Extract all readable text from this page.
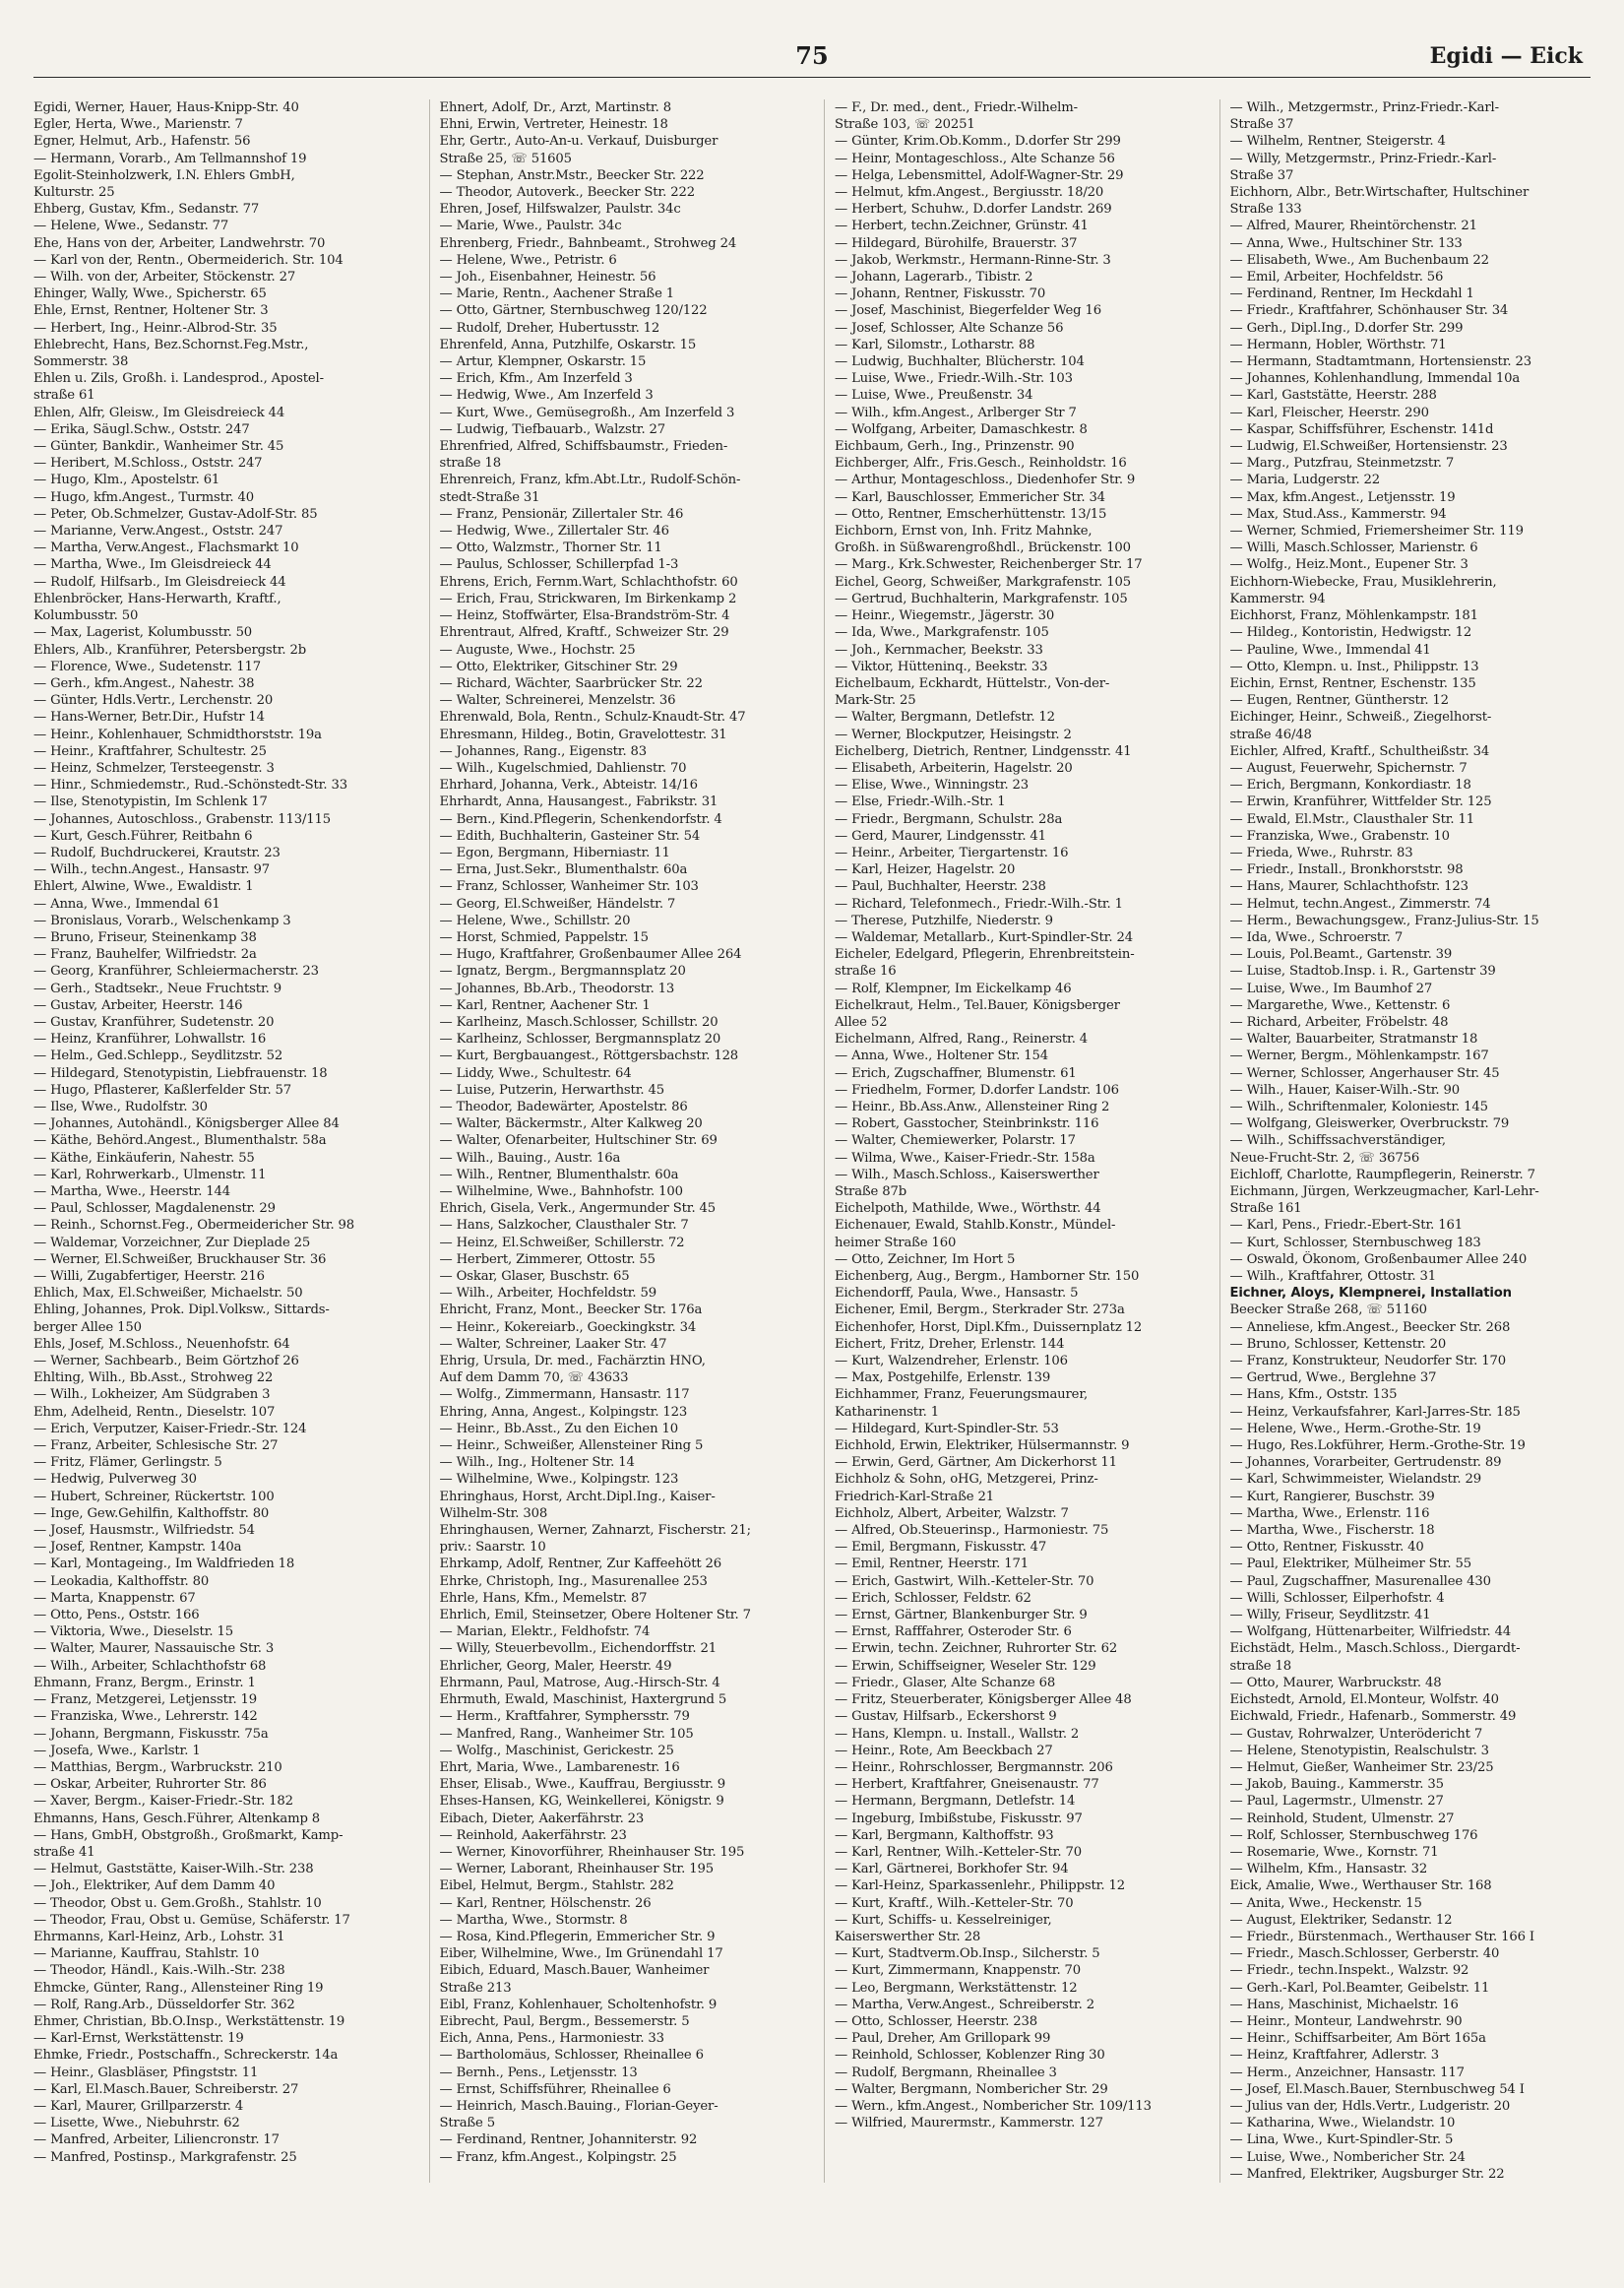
75	Egidi — Eick
Egidi, Werner, Hauer, Haus-Knipp-Str. 40
Egler, Herta, Wwe., Marienstr. 7
Egner, Helmut, Arb., Hafenstr. 56
— Hermann, Vorarb., Am Tellmannshof 19
Egolit-Steinholzwerk, I.N. Ehlers GmbH,
Kulturstr. 25
Ehberg, Gustav, Kfm., Sedanstr. 77
— Helene, Wwe., Sedanstr. 77
Ehe, Hans von der, Arbeiter, Landwehrstr. 70
— Karl von der, Rentn., Obermeiderich. Str. 104
— Wilh. von der, Arbeiter, Stöckenstr. 27
Ehinger, Wally, Wwe., Spicherstr. 65
Ehle, Ernst, Rentner, Holtener Str. 3
— Herbert, Ing., Heinr.-Albrod-Str. 35
Ehlebrecht, Hans, Bez.Schornst.Feg.Mstr.,
Sommerstr. 38
Ehlen u. Zils, Großh. i. Landesprod., Apostel-
straße 61
Ehlen, Alfr, Gleisw., Im Gleisdreieck 44
— Erika, Säugl.Schw., Oststr. 247
— Günter, Bankdir., Wanheimer Str. 45
— Heribert, M.Schloss., Oststr. 247
— Hugo, Klm., Apostelstr. 61
— Hugo, kfm.Angest., Turmstr. 40
— Peter, Ob.Schmelzer, Gustav-Adolf-Str. 85
— Marianne, Verw.Angest., Oststr. 247
— Martha, Verw.Angest., Flachsmarkt 10
— Martha, Wwe., Im Gleisdreieck 44
— Rudolf, Hilfsarb., Im Gleisdreieck 44
Ehlenbröcker, Hans-Herwarth, Kraftf.,
Kolumbusstr. 50
— Max, Lagerist, Kolumbusstr. 50
Ehlers, Alb., Kranführer, Petersbergstr. 2b
— Florence, Wwe., Sudetenstr. 117
— Gerh., kfm.Angest., Nahestr. 38
— Günter, Hdls.Vertr., Lerchenstr. 20
— Hans-Werner, Betr.Dir., Hufstr 14
— Heinr., Kohlenhauer, Schmidthorststr. 19a
— Heinr., Kraftfahrer, Schultestr. 25
— Heinz, Schmelzer, Tersteegenstr. 3
— Hinr., Schmiedemstr., Rud.-Schönstedt-Str. 33
— Ilse, Stenotypistin, Im Schlenk 17
— Johannes, Autoschloss., Grabenstr. 113/115
— Kurt, Gesch.Führer, Reitbahn 6
— Rudolf, Buchdruckerei, Krautstr. 23
— Wilh., techn.Angest., Hansastr. 97
Ehlert, Alwine, Wwe., Ewaldistr. 1
— Anna, Wwe., Immendal 61
— Bronislaus, Vorarb., Welschenkamp 3
— Bruno, Friseur, Steinenkamp 38
— Franz, Bauhelfer, Wilfriedstr. 2a
— Georg, Kranführer, Schleiermacherstr. 23
— Gerh., Stadtsekr., Neue Fruchtstr. 9
— Gustav, Arbeiter, Heerstr. 146
— Gustav, Kranführer, Sudetenstr. 20
— Heinz, Kranführer, Lohwallstr. 16
— Helm., Ged.Schlepp., Seydlitzstr. 52
— Hildegard, Stenotypistin, Liebfrauenstr. 18
— Hugo, Pflasterer, Kaßlerfelder Str. 57
— Ilse, Wwe., Rudolfstr. 30
— Johannes, Autohändl., Königsberger Allee 84
— Käthe, Behörd.Angest., Blumenthalstr. 58a
— Käthe, Einkäuferin, Nahestr. 55
— Karl, Rohrwerkarb., Ulmenstr. 11
— Martha, Wwe., Heerstr. 144
— Paul, Schlosser, Magdalenenstr. 29
— Reinh., Schornst.Feg., Obermeidericher Str. 98
— Waldemar, Vorzeichner, Zur Dieplade 25
— Werner, El.Schweißer, Bruckhauser Str. 36
— Willi, Zugabfertiger, Heerstr. 216
Ehlich, Max, El.Schweißer, Michaelstr. 50
Ehling, Johannes, Prok. Dipl.Volksw., Sittards-
berger Allee 150
Ehls, Josef, M.Schloss., Neuenhofstr. 64
— Werner, Sachbearb., Beim Görtzhof 26
Ehlting, Wilh., Bb.Asst., Strohweg 22
— Wilh., Lokheizer, Am Südgraben 3
Ehm, Adelheid, Rentn., Dieselstr. 107
— Erich, Verputzer, Kaiser-Friedr.-Str. 124
— Franz, Arbeiter, Schlesische Str. 27
— Fritz, Flämer, Gerlingstr. 5
— Hedwig, Pulverweg 30
— Hubert, Schreiner, Rückertstr. 100
— Inge, Gew.Gehilfin, Kalthoffstr. 80
— Josef, Hausmstr., Wilfriedstr. 54
— Josef, Rentner, Kampstr. 140a
— Karl, Montageing., Im Waldfrieden 18
— Leokadia, Kalthoffstr. 80
— Marta, Knappenstr. 67
— Otto, Pens., Oststr. 166
— Viktoria, Wwe., Dieselstr. 15
— Walter, Maurer, Nassauische Str. 3
— Wilh., Arbeiter, Schlachthofstr 68
Ehmann, Franz, Bergm., Erinstr. 1
— Franz, Metzgerei, Letjensstr. 19
— Franziska, Wwe., Lehrerstr. 142
— Johann, Bergmann, Fiskusstr. 75a
— Josefa, Wwe., Karlstr. 1
— Matthias, Bergm., Warbruckstr. 210
— Oskar, Arbeiter, Ruhrorter Str. 86
— Xaver, Bergm., Kaiser-Friedr.-Str. 182
Ehmanns, Hans, Gesch.Führer, Altenkamp 8
— Hans, GmbH, Obstgroßh., Großmarkt, Kamp-
straße 41
— Helmut, Gaststätte, Kaiser-Wilh.-Str. 238
— Joh., Elektriker, Auf dem Damm 40
— Theodor, Obst u. Gem.Großh., Stahlstr. 10
— Theodor, Frau, Obst u. Gemüse, Schäferstr. 17
Ehrmanns, Karl-Heinz, Arb., Lohstr. 31
— Marianne, Kauffrau, Stahlstr. 10
— Theodor, Händl., Kais.-Wilh.-Str. 238
Ehmcke, Günter, Rang., Allensteiner Ring 19
— Rolf, Rang.Arb., Düsseldorfer Str. 362
Ehmer, Christian, Bb.O.Insp., Werkstättenstr. 19
— Karl-Ernst, Werkstättenstr. 19
Ehmke, Friedr., Postschaffn., Schreckerstr. 14a
— Heinr., Glasbläser, Pfingststr. 11
— Karl, El.Masch.Bauer, Schreiberstr. 27
— Karl, Maurer, Grillparzerstr. 4
— Lisette, Wwe., Niebuhrstr. 62
— Manfred, Arbeiter, Liliencronstr. 17
— Manfred, Postinsp., Markgrafenstr. 25
Ehnert, Adolf, Dr., Arzt, Martinstr. 8
Ehni, Erwin, Vertreter, Heinestr. 18
Ehr, Gertr., Auto-An-u. Verkauf, Duisburger
Straße 25, ☏ 51605
— Stephan, Anstr.Mstr., Beecker Str. 222
— Theodor, Autoverk., Beecker Str. 222
Ehren, Josef, Hilfswalzer, Paulstr. 34c
— Marie, Wwe., Paulstr. 34c
Ehrenberg, Friedr., Bahnbeamt., Strohweg 24
— Helene, Wwe., Petristr. 6
— Joh., Eisenbahner, Heinestr. 56
— Marie, Rentn., Aachener Straße 1
— Otto, Gärtner, Sternbuschweg 120/122
— Rudolf, Dreher, Hubertusstr. 12
Ehrenfeld, Anna, Putzhilfe, Oskarstr. 15
— Artur, Klempner, Oskarstr. 15
— Erich, Kfm., Am Inzerfeld 3
— Hedwig, Wwe., Am Inzerfeld 3
— Kurt, Wwe., Gemüsegroßh., Am Inzerfeld 3
— Ludwig, Tiefbauarb., Walzstr. 27
Ehrenfried, Alfred, Schiffsbaumstr., Frieden-
straße 18
Ehrenreich, Franz, kfm.Abt.Ltr., Rudolf-Schön-
stedt-Straße 31
— Franz, Pensionär, Zillertaler Str. 46
— Hedwig, Wwe., Zillertaler Str. 46
— Otto, Walzmstr., Thorner Str. 11
— Paulus, Schlosser, Schillerpfad 1-3
Ehrens, Erich, Fernm.Wart, Schlachthofstr. 60
— Erich, Frau, Strickwaren, Im Birkenkamp 2
— Heinz, Stoffwärter, Elsa-Brandström-Str. 4
Ehrentraut, Alfred, Kraftf., Schweizer Str. 29
— Auguste, Wwe., Hochstr. 25
— Otto, Elektriker, Gitschiner Str. 29
— Richard, Wächter, Saarbrücker Str. 22
— Walter, Schreinerei, Menzelstr. 36
Ehrenwald, Bola, Rentn., Schulz-Knaudt-Str. 47
Ehresmann, Hildeg., Botin, Gravelottestr. 31
— Johannes, Rang., Eigenstr. 83
— Wilh., Kugelschmied, Dahlienstr. 70
Ehrhard, Johanna, Verk., Abteistr. 14/16
Ehrhardt, Anna, Hausangest., Fabrikstr. 31
— Bern., Kind.Pflegerin, Schenkendorfstr. 4
— Edith, Buchhalterin, Gasteiner Str. 54
— Egon, Bergmann, Hiberniastr. 11
— Erna, Just.Sekr., Blumenthalstr. 60a
— Franz, Schlosser, Wanheimer Str. 103
— Georg, El.Schweißer, Händelstr. 7
— Helene, Wwe., Schillstr. 20
— Horst, Schmied, Pappelstr. 15
— Hugo, Kraftfahrer, Großenbaumer Allee 264
— Ignatz, Bergm., Bergmannsplatz 20
— Johannes, Bb.Arb., Theodorstr. 13
— Karl, Rentner, Aachener Str. 1
— Karlheinz, Masch.Schlosser, Schillstr. 20
— Karlheinz, Schlosser, Bergmannsplatz 20
— Kurt, Bergbauangest., Röttgersbachstr. 128
— Liddy, Wwe., Schultestr. 64
— Luise, Putzerin, Herwarthstr. 45
— Theodor, Badewärter, Apostelstr. 86
— Walter, Bäckermstr., Alter Kalkweg 20
— Walter, Ofenarbeiter, Hultschiner Str. 69
— Wilh., Bauing., Austr. 16a
— Wilh., Rentner, Blumenthalstr. 60a
— Wilhelmine, Wwe., Bahnhofstr. 100
Ehrich, Gisela, Verk., Angermunder Str. 45
— Hans, Salzkocher, Clausthaler Str. 7
— Heinz, El.Schweißer, Schillerstr. 72
— Herbert, Zimmerer, Ottostr. 55
— Oskar, Glaser, Buschstr. 65
— Wilh., Arbeiter, Hochfeldstr. 59
Ehricht, Franz, Mont., Beecker Str. 176a
— Heinr., Kokereiarb., Goeckingkstr. 34
— Walter, Schreiner, Laaker Str. 47
Ehrig, Ursula, Dr. med., Fachärztin HNO,
Auf dem Damm 70, ☏ 43633
— Wolfg., Zimmermann, Hansastr. 117
Ehring, Anna, Angest., Kolpingstr. 123
— Heinr., Bb.Asst., Zu den Eichen 10
— Heinr., Schweißer, Allensteiner Ring 5
— Wilh., Ing., Holtener Str. 14
— Wilhelmine, Wwe., Kolpingstr. 123
Ehringhaus, Horst, Archt.Dipl.Ing., Kaiser-
Wilhelm-Str. 308
Ehringhausen, Werner, Zahnarzt, Fischerstr. 21;
priv.: Saarstr. 10
Ehrkamp, Adolf, Rentner, Zur Kaffeehött 26
Ehrke, Christoph, Ing., Masurenallee 253
Ehrle, Hans, Kfm., Memelstr. 87
Ehrlich, Emil, Steinsetzer, Obere Holtener Str. 7
— Marian, Elektr., Feldhofstr. 74
— Willy, Steuerbevollm., Eichendorffstr. 21
Ehrlicher, Georg, Maler, Heerstr. 49
Ehrmann, Paul, Matrose, Aug.-Hirsch-Str. 4
Ehrmuth, Ewald, Maschinist, Haxtergrund 5
— Herm., Kraftfahrer, Symphersstr. 79
— Manfred, Rang., Wanheimer Str. 105
— Wolfg., Maschinist, Gerickestr. 25
Ehrt, Maria, Wwe., Lambarenestr. 16
Ehser, Elisab., Wwe., Kauffrau, Bergiusstr. 9
Ehses-Hansen, KG, Weinkellerei, Königstr. 9
Eibach, Dieter, Aakerfährstr. 23
— Reinhold, Aakerfährstr. 23
— Werner, Kinovorführer, Rheinhauser Str. 195
— Werner, Laborant, Rheinhauser Str. 195
Eibel, Helmut, Bergm., Stahlstr. 282
— Karl, Rentner, Hölschenstr. 26
— Martha, Wwe., Stormstr. 8
— Rosa, Kind.Pflegerin, Emmericher Str. 9
Eiber, Wilhelmine, Wwe., Im Grünendahl 17
Eibich, Eduard, Masch.Bauer, Wanheimer
Straße 213
Eibl, Franz, Kohlenhauer, Scholtenhofstr. 9
Eibrecht, Paul, Bergm., Bessemerstr. 5
Eich, Anna, Pens., Harmoniestr. 33
— Bartholomäus, Schlosser, Rheinallee 6
— Bernh., Pens., Letjensstr. 13
— Ernst, Schiffsführer, Rheinallee 6
— Heinrich, Masch.Bauing., Florian-Geyer-
Straße 5
— Ferdinand, Rentner, Johanniterstr. 92
— Franz, kfm.Angest., Kolpingstr. 25
— F., Dr. med., dent., Friedr.-Wilhelm-
Straße 103, ☏ 20251
— Günter, Krim.Ob.Komm., D.dorfer Str 299
— Heinr, Montageschloss., Alte Schanze 56
— Helga, Lebensmittel, Adolf-Wagner-Str. 29
— Helmut, kfm.Angest., Bergiusstr. 18/20
— Herbert, Schuhw., D.dorfer Landstr. 269
— Herbert, techn.Zeichner, Grünstr. 41
— Hildegard, Bürohilfe, Brauerstr. 37
— Jakob, Werkmstr., Hermann-Rinne-Str. 3
— Johann, Lagerarb., Tibistr. 2
— Johann, Rentner, Fiskusstr. 70
— Josef, Maschinist, Biegerfelder Weg 16
— Josef, Schlosser, Alte Schanze 56
— Karl, Silomstr., Lotharstr. 88
— Ludwig, Buchhalter, Blücherstr. 104
— Luise, Wwe., Friedr.-Wilh.-Str. 103
— Luise, Wwe., Preußenstr. 34
— Wilh., kfm.Angest., Arlberger Str 7
— Wolfgang, Arbeiter, Damaschkestr. 8
Eichbaum, Gerh., Ing., Prinzenstr. 90
Eichberger, Alfr., Fris.Gesch., Reinholdstr. 16
— Arthur, Montageschloss., Diedenhofer Str. 9
— Karl, Bauschlosser, Emmericher Str. 34
— Otto, Rentner, Emscherhüttenstr. 13/15
Eichborn, Ernst von, Inh. Fritz Mahnke,
Großh. in Süßwarengroßhdl., Brückenstr. 100
— Marg., Krk.Schwester, Reichenberger Str. 17
Eichel, Georg, Schweißer, Markgrafenstr. 105
— Gertrud, Buchhalterin, Markgrafenstr. 105
— Heinr., Wiegemstr., Jägerstr. 30
— Ida, Wwe., Markgrafenstr. 105
— Joh., Kernmacher, Beekstr. 33
— Viktor, Hütteninq., Beekstr. 33
Eichelbaum, Eckhardt, Hüttelstr., Von-der-
Mark-Str. 25
— Walter, Bergmann, Detlefstr. 12
— Werner, Blockputzer, Heisingstr. 2
Eichelberg, Dietrich, Rentner, Lindgensstr. 41
— Elisabeth, Arbeiterin, Hagelstr. 20
— Elise, Wwe., Winningstr. 23
— Else, Friedr.-Wilh.-Str. 1
— Friedr., Bergmann, Schulstr. 28a
— Gerd, Maurer, Lindgensstr. 41
— Heinr., Arbeiter, Tiergartenstr. 16
— Karl, Heizer, Hagelstr. 20
— Paul, Buchhalter, Heerstr. 238
— Richard, Telefonmech., Friedr.-Wilh.-Str. 1
— Therese, Putzhilfe, Niederstr. 9
— Waldemar, Metallarb., Kurt-Spindler-Str. 24
Eicheler, Edelgard, Pflegerin, Ehrenbreitstein-
straße 16
— Rolf, Klempner, Im Eickelkamp 46
Eichelkraut, Helm., Tel.Bauer, Königsberger
Allee 52
Eichelmann, Alfred, Rang., Reinerstr. 4
— Anna, Wwe., Holtener Str. 154
— Erich, Zugschaffner, Blumenstr. 61
— Friedhelm, Former, D.dorfer Landstr. 106
— Heinr., Bb.Ass.Anw., Allensteiner Ring 2
— Robert, Gasstocher, Steinbrinkstr. 116
— Walter, Chemiewerker, Polarstr. 17
— Wilma, Wwe., Kaiser-Friedr.-Str. 158a
— Wilh., Masch.Schloss., Kaiserswerther
Straße 87b
Eichelpoth, Mathilde, Wwe., Wörthstr. 44
Eichenauer, Ewald, Stahlb.Konstr., Mündel-
heimer Straße 160
— Otto, Zeichner, Im Hort 5
Eichenberg, Aug., Bergm., Hamborner Str. 150
Eichendorff, Paula, Wwe., Hansastr. 5
Eichener, Emil, Bergm., Sterkrader Str. 273a
Eichenhofer, Horst, Dipl.Kfm., Duissernplatz 12
Eichert, Fritz, Dreher, Erlenstr. 144
— Kurt, Walzendreher, Erlenstr. 106
— Max, Postgehilfe, Erlenstr. 139
Eichhammer, Franz, Feuerungsmaurer,
Katharinenstr. 1
— Hildegard, Kurt-Spindler-Str. 53
Eichhold, Erwin, Elektriker, Hülsermannstr. 9
— Erwin, Gerd, Gärtner, Am Dickerhorst 11
Eichholz & Sohn, oHG, Metzgerei, Prinz-
Friedrich-Karl-Straße 21
Eichholz, Albert, Arbeiter, Walzstr. 7
— Alfred, Ob.Steuerinsp., Harmoniestr. 75
— Emil, Bergmann, Fiskusstr. 47
— Emil, Rentner, Heerstr. 171
— Erich, Gastwirt, Wilh.-Ketteler-Str. 70
— Erich, Schlosser, Feldstr. 62
— Ernst, Gärtner, Blankenburger Str. 9
— Ernst, Rafffahrer, Osteroder Str. 6
— Erwin, techn. Zeichner, Ruhrorter Str. 62
— Erwin, Schiffseigner, Weseler Str. 129
— Friedr., Glaser, Alte Schanze 68
— Fritz, Steuerberater, Königsberger Allee 48
— Gustav, Hilfsarb., Eckershorst 9
— Hans, Klempn. u. Install., Wallstr. 2
— Heinr., Rote, Am Beeckbach 27
— Heinr., Rohrschlosser, Bergmannstr. 206
— Herbert, Kraftfahrer, Gneisenaustr. 77
— Hermann, Bergmann, Detlefstr. 14
— Ingeburg, Imbißstube, Fiskusstr. 97
— Karl, Bergmann, Kalthoffstr. 93
— Karl, Rentner, Wilh.-Ketteler-Str. 70
— Karl, Gärtnerei, Borkhofer Str. 94
— Karl-Heinz, Sparkassenlehr., Philippstr. 12
— Kurt, Kraftf., Wilh.-Ketteler-Str. 70
— Kurt, Schiffs- u. Kesselreiniger,
Kaiserswerther Str. 28
— Kurt, Stadtverm.Ob.Insp., Silcherstr. 5
— Kurt, Zimmermann, Knappenstr. 70
— Leo, Bergmann, Werkstättenstr. 12
— Martha, Verw.Angest., Schreiberstr. 2
— Otto, Schlosser, Heerstr. 238
— Paul, Dreher, Am Grillopark 99
— Reinhold, Schlosser, Koblenzer Ring 30
— Rudolf, Bergmann, Rheinallee 3
— Walter, Bergmann, Nombericher Str. 29
— Wern., kfm.Angest., Nombericher Str. 109/113
— Wilfried, Maurermstr., Kammerstr. 127
— Wilh., Metzgermstr., Prinz-Friedr.-Karl-
Straße 37
— Wilhelm, Rentner, Steigerstr. 4
— Willy, Metzgermstr., Prinz-Friedr.-Karl-
Straße 37
Eichhorn, Albr., Betr.Wirtschafter, Hultschiner
Straße 133
— Alfred, Maurer, Rheintörchenstr. 21
— Anna, Wwe., Hultschiner Str. 133
— Elisabeth, Wwe., Am Buchenbaum 22
— Emil, Arbeiter, Hochfeldstr. 56
— Ferdinand, Rentner, Im Heckdahl 1
— Friedr., Kraftfahrer, Schönhauser Str. 34
— Gerh., Dipl.Ing., D.dorfer Str. 299
— Hermann, Hobler, Wörthstr. 71
— Hermann, Stadtamtmann, Hortensienstr. 23
— Johannes, Kohlenhandlung, Immendal 10a
— Karl, Gaststätte, Heerstr. 288
— Karl, Fleischer, Heerstr. 290
— Kaspar, Schiffsführer, Eschenstr. 141d
— Ludwig, El.Schweißer, Hortensienstr. 23
— Marg., Putzfrau, Steinmetzstr. 7
— Maria, Ludgerstr. 22
— Max, kfm.Angest., Letjensstr. 19
— Max, Stud.Ass., Kammerstr. 94
— Werner, Schmied, Friemersheimer Str. 119
— Willi, Masch.Schlosser, Marienstr. 6
— Wolfg., Heiz.Mont., Eupener Str. 3
Eichhorn-Wiebecke, Frau, Musiklehrerin,
Kammerstr. 94
Eichhorst, Franz, Möhlenkampstr. 181
— Hildeg., Kontoristin, Hedwigstr. 12
— Pauline, Wwe., Immendal 41
— Otto, Klempn. u. Inst., Philippstr. 13
Eichin, Ernst, Rentner, Eschenstr. 135
— Eugen, Rentner, Güntherstr. 12
Eichinger, Heinr., Schweiß., Ziegelhorst-
straße 46/48
Eichler, Alfred, Kraftf., Schultheißstr. 34
— August, Feuerwehr, Spichernstr. 7
— Erich, Bergmann, Konkordiastr. 18
— Erwin, Kranführer, Wittfelder Str. 125
— Ewald, El.Mstr., Clausthaler Str. 11
— Franziska, Wwe., Grabenstr. 10
— Frieda, Wwe., Ruhrstr. 83
— Friedr., Install., Bronkhorststr. 98
— Hans, Maurer, Schlachthofstr. 123
— Helmut, techn.Angest., Zimmerstr. 74
— Herm., Bewachungsgew., Franz-Julius-Str. 15
— Ida, Wwe., Schroerstr. 7
— Louis, Pol.Beamt., Gartenstr. 39
— Luise, Stadtob.Insp. i. R., Gartenstr 39
— Luise, Wwe., Im Baumhof 27
— Margarethe, Wwe., Kettenstr. 6
— Richard, Arbeiter, Fröbelstr. 48
— Walter, Bauarbeiter, Stratmanstr 18
— Werner, Bergm., Möhlenkampstr. 167
— Werner, Schlosser, Angerhauser Str. 45
— Wilh., Hauer, Kaiser-Wilh.-Str. 90
— Wilh., Schriftenmaler, Koloniestr. 145
— Wolfgang, Gleiswerker, Overbruckstr. 79
— Wilh., Schiffssachverständiger,
Neue-Frucht-Str. 2, ☏ 36756
Eichloff, Charlotte, Raumpflegerin, Reinerstr. 7
Eichmann, Jürgen, Werkzeugmacher, Karl-Lehr-
Straße 161
— Karl, Pens., Friedr.-Ebert-Str. 161
— Kurt, Schlosser, Sternbuschweg 183
— Oswald, Ökonom, Großenbaumer Allee 240
— Wilh., Kraftfahrer, Ottostr. 31
Eichner, Aloys, Klempnerei, Installation
Beecker Straße 268, ☏ 51160
— Anneliese, kfm.Angest., Beecker Str. 268
— Bruno, Schlosser, Kettenstr. 20
— Franz, Konstrukteur, Neudorfer Str. 170
— Gertrud, Wwe., Berglehne 37
— Hans, Kfm., Oststr. 135
— Heinz, Verkaufsfahrer, Karl-Jarres-Str. 185
— Helene, Wwe., Herm.-Grothe-Str. 19
— Hugo, Res.Lokführer, Herm.-Grothe-Str. 19
— Johannes, Vorarbeiter, Gertrudenstr. 89
— Karl, Schwimmeister, Wielandstr. 29
— Kurt, Rangierer, Buschstr. 39
— Martha, Wwe., Erlenstr. 116
— Martha, Wwe., Fischerstr. 18
— Otto, Rentner, Fiskusstr. 40
— Paul, Elektriker, Mülheimer Str. 55
— Paul, Zugschaffner, Masurenallee 430
— Willi, Schlosser, Eilperhofstr. 4
— Willy, Friseur, Seydlitzstr. 41
— Wolfgang, Hüttenarbeiter, Wilfriedstr. 44
Eichstädt, Helm., Masch.Schloss., Diergardt-
straße 18
— Otto, Maurer, Warbruckstr. 48
Eichstedt, Arnold, El.Monteur, Wolfstr. 40
Eichwald, Friedr., Hafenarb., Sommerstr. 49
— Gustav, Rohrwalzer, Unterödericht 7
— Helene, Stenotypistin, Realschulstr. 3
— Helmut, Gießer, Wanheimer Str. 23/25
— Jakob, Bauing., Kammerstr. 35
— Paul, Lagermstr., Ulmenstr. 27
— Reinhold, Student, Ulmenstr. 27
— Rolf, Schlosser, Sternbuschweg 176
— Rosemarie, Wwe., Kornstr. 71
— Wilhelm, Kfm., Hansastr. 32
Eick, Amalie, Wwe., Werthauser Str. 168
— Anita, Wwe., Heckenstr. 15
— August, Elektriker, Sedanstr. 12
— Friedr., Bürstenmach., Werthauser Str. 166 I
— Friedr., Masch.Schlosser, Gerberstr. 40
— Friedr., techn.Inspekt., Walzstr. 92
— Gerh.-Karl, Pol.Beamter, Geibelstr. 11
— Hans, Maschinist, Michaelstr. 16
— Heinr., Monteur, Landwehrstr. 90
— Heinr., Schiffsarbeiter, Am Bört 165a
— Heinz, Kraftfahrer, Adlerstr. 3
— Herm., Anzeichner, Hansastr. 117
— Josef, El.Masch.Bauer, Sternbuschweg 54 I
— Julius van der, Hdls.Vertr., Ludgeristr. 20
— Katharina, Wwe., Wielandstr. 10
— Lina, Wwe., Kurt-Spindler-Str. 5
— Luise, Wwe., Nombericher Str. 24
— Manfred, Elektriker, Augsburger Str. 22
